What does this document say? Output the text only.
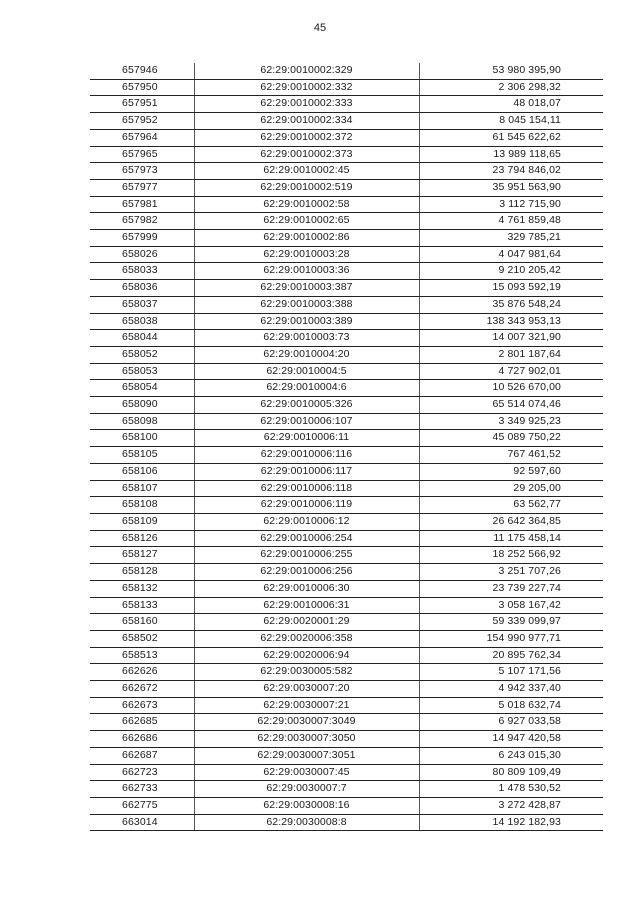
45
657946	62:29:0010002:329	53 980 395,90
657950	62:29:0010002:332	2 306 298,32
657951	62:29:0010002:333	48 018,07
657952	62:29:0010002:334	8 045 154,11
657964	62:29:0010002:372	61 545 622,62
657965	62:29:0010002:373	13 989 118,65
657973	62:29:0010002:45	23 794 846,02
657977	62:29:0010002:519	35 951 563,90
657981	62:29:0010002:58	3 112 715,90
657982	62:29:0010002:65	4 761 859,48
657999	62:29:0010002:86	329 785,21
658026	62:29:0010003:28	4 047 981,64
658033	62:29:0010003:36	9 210 205,42
658036	62:29:0010003:387	15 093 592,19
658037	62:29:0010003:388	35 876 548,24
658038	62:29:0010003:389	138 343 953,13
658044	62:29:0010003:73	14 007 321,90
658052	62:29:0010004:20	2 801 187,64
658053	62:29:0010004:5	4 727 902,01
658054	62:29:0010004:6	10 526 670,00
658090	62:29:0010005:326	65 514 074,46
658098	62:29:0010006:107	3 349 925,23
658100	62:29:0010006:11	45 089 750,22
658105	62:29:0010006:116	767 461,52
658106	62:29:0010006:117	92 597,60
658107	62:29:0010006:118	29 205,00
658108	62:29:0010006:119	63 562,77
658109	62:29:0010006:12	26 642 364,85
658126	62:29:0010006:254	11 175 458,14
658127	62:29:0010006:255	18 252 566,92
658128	62:29:0010006:256	3 251 707,26
658132	62:29:0010006:30	23 739 227,74
658133	62:29:0010006:31	3 058 167,42
658160	62:29:0020001:29	59 339 099,97
658502	62:29:0020006:358	154 990 977,71
658513	62:29:0020006:94	20 895 762,34
662626	62:29:0030005:582	5 107 171,56
662672	62:29:0030007:20	4 942 337,40
662673	62:29:0030007:21	5 018 632,74
662685	62:29:0030007:3049	6 927 033,58
662686	62:29:0030007:3050	14 947 420,58
662687	62:29:0030007:3051	6 243 015,30
662723	62:29:0030007:45	80 809 109,49
662733	62:29:0030007:7	1 478 530,52
662775	62:29:0030008:16	3 272 428,87
663014	62:29:0030008:8	14 192 182,93
